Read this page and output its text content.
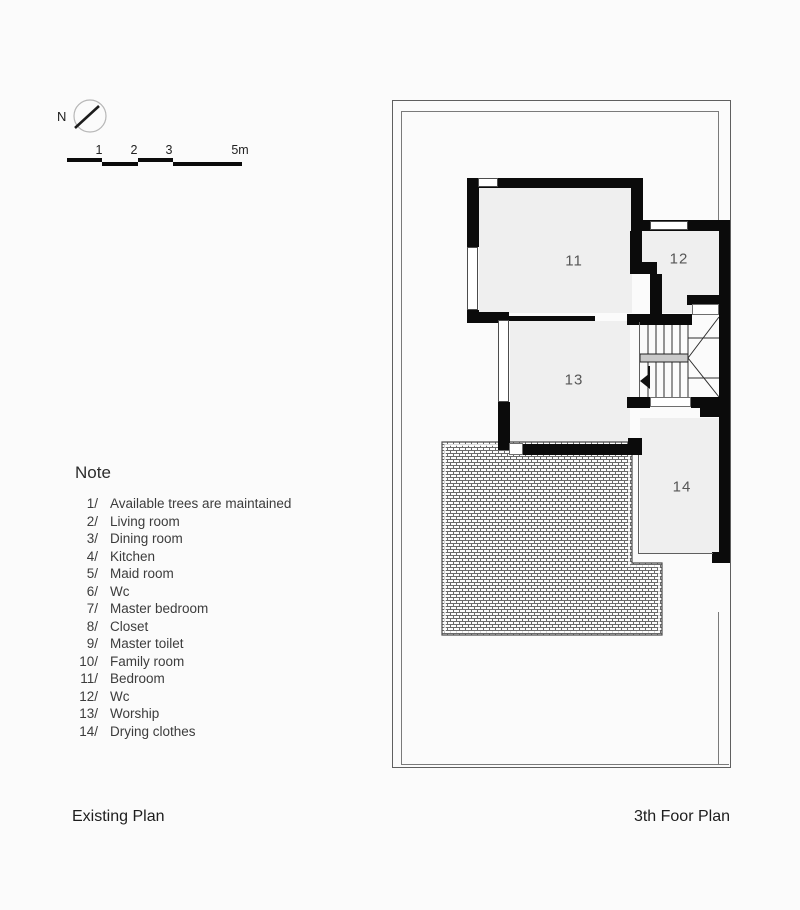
N
1 2 3	5m
Note
1/ Available trees are maintained
2/ Living room
3/ Dining room
4/ Kitchen
5/ Maid room
6/ Wc
7/ Master bedroom
8/ Closet
9/ Master toilet
10/ Family room
11/ Bedroom
12/ Wc
13/ Worship
14/ Drying clothes
11	12
13
14
Existing Plan	3th Foor Plan
